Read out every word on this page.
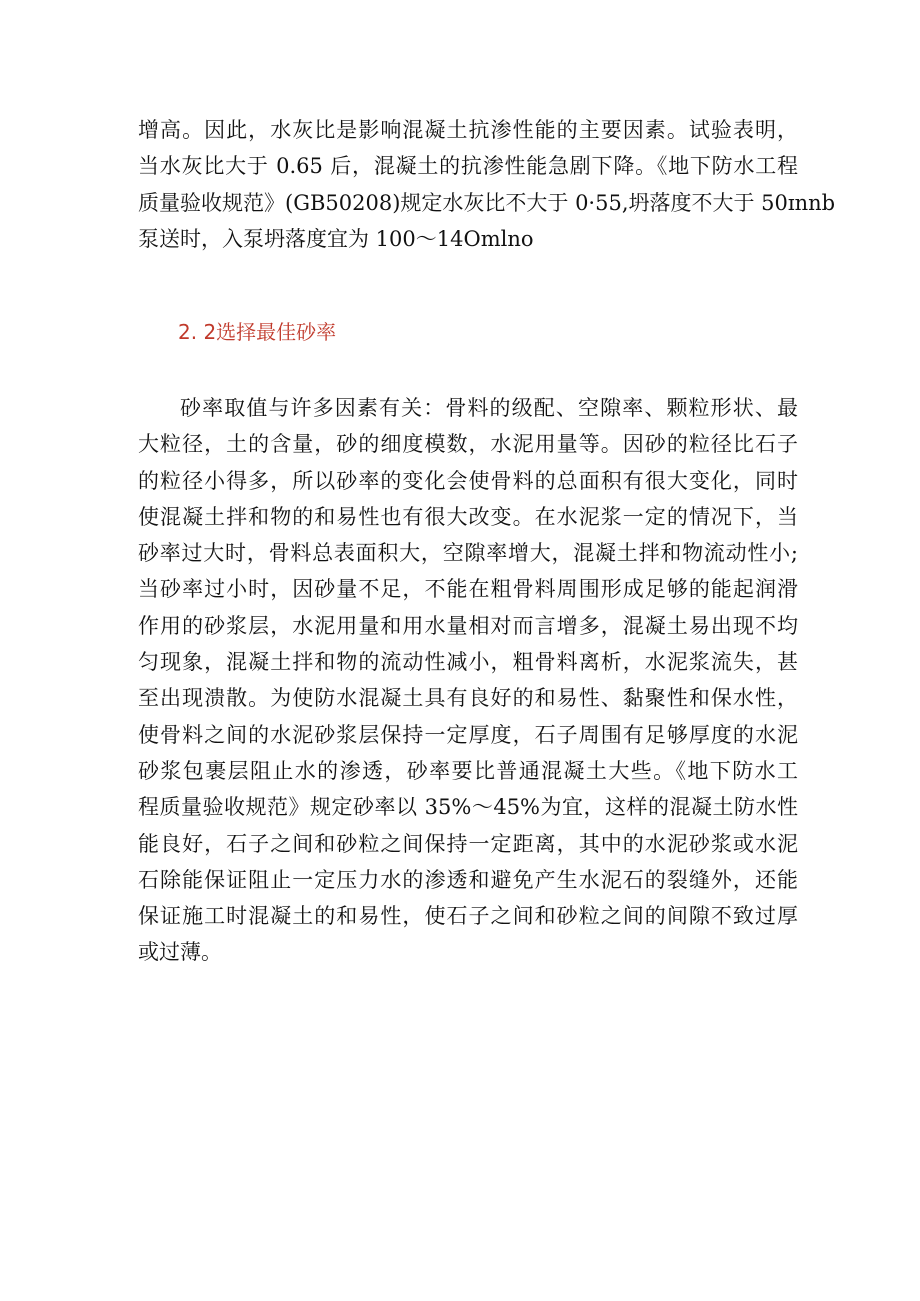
增高。因此，水灰比是影响混凝土抗渗性能的主要因素。试验表明，
当水灰比大于 0.65 后，混凝土的抗渗性能急剧下降。《地下防水工程
质量验收规范》(GB50208)规定水灰比不大于 0·55,坍落度不大于 50ɪnnb
泵送时，入泵坍落度宜为 100～14Omlno
2. 2选择最佳砂率
砂率取值与许多因素有关：骨料的级配、空隙率、颗粒形状、最
大粒径，土的含量，砂的细度模数，水泥用量等。因砂的粒径比石子
的粒径小得多，所以砂率的变化会使骨料的总面积有很大变化，同时
使混凝土拌和物的和易性也有很大改变。在水泥浆一定的情况下，当
砂率过大时，骨料总表面积大，空隙率增大，混凝土拌和物流动性小;
当砂率过小时，因砂量不足，不能在粗骨料周围形成足够的能起润滑
作用的砂浆层，水泥用量和用水量相对而言增多，混凝土易出现不均
匀现象，混凝土拌和物的流动性减小，粗骨料离析，水泥浆流失，甚
至出现溃散。为使防水混凝土具有良好的和易性、黏聚性和保水性，
使骨料之间的水泥砂浆层保持一定厚度，石子周围有足够厚度的水泥
砂浆包裹层阻止水的渗透，砂率要比普通混凝土大些。《地下防水工
程质量验收规范》规定砂率以 35%～45%为宜，这样的混凝土防水性
能良好，石子之间和砂粒之间保持一定距离，其中的水泥砂浆或水泥
石除能保证阻止一定压力水的渗透和避免产生水泥石的裂缝外，还能
保证施工时混凝土的和易性，使石子之间和砂粒之间的间隙不致过厚
或过薄。
